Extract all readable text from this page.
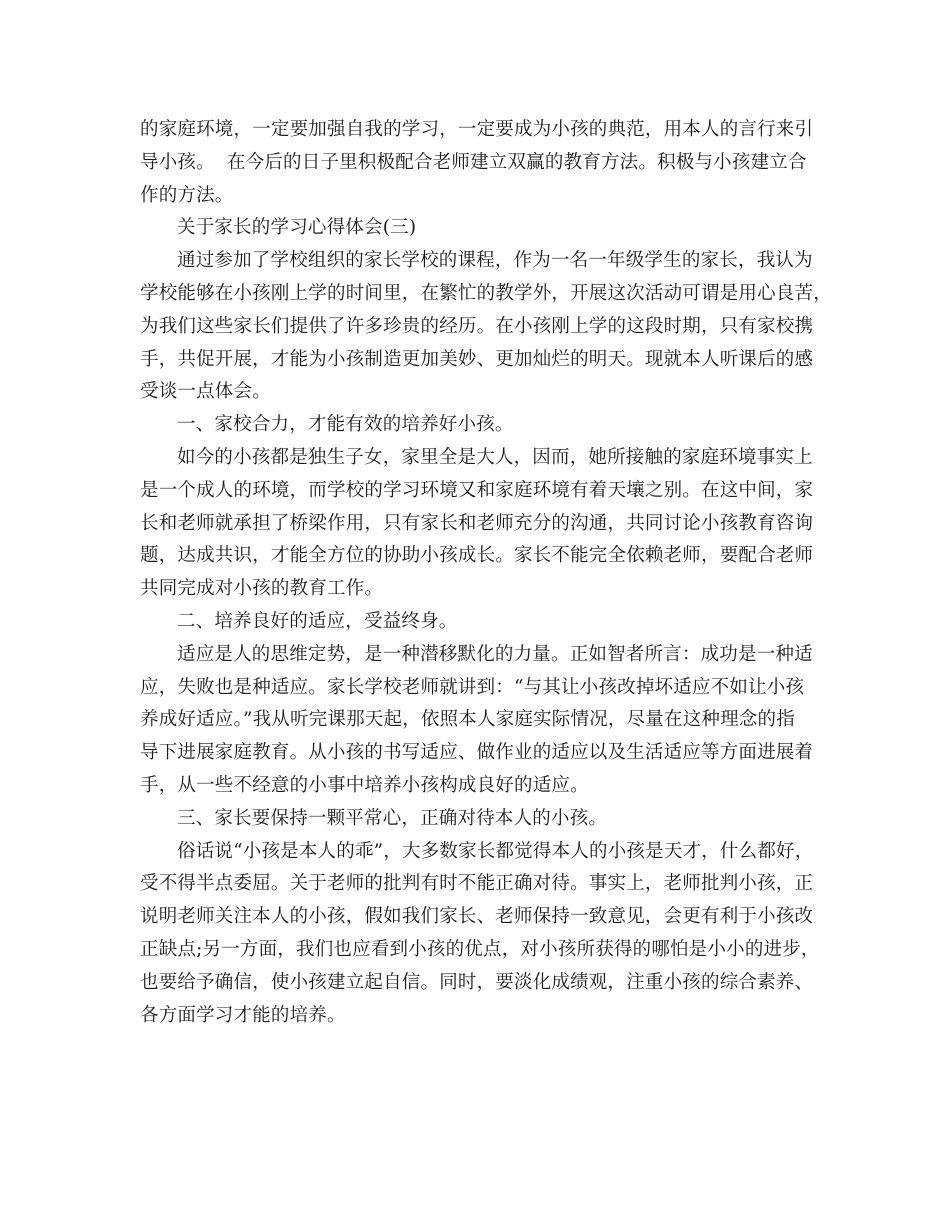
的家庭环境，一定要加强自我的学习，一定要成为小孩的典范，用本人的言行来引
导小孩。  在今后的日子里积极配合老师建立双赢的教育方法。积极与小孩建立合
作的方法。
关于家长的学习心得体会(三)
通过参加了学校组织的家长学校的课程，作为一名一年级学生的家长，我认为
学校能够在小孩刚上学的时间里，在繁忙的教学外，开展这次活动可谓是用心良苦，
为我们这些家长们提供了许多珍贵的经历。在小孩刚上学的这段时期，只有家校携
手，共促开展，才能为小孩制造更加美妙、更加灿烂的明天。现就本人听课后的感
受谈一点体会。
一、家校合力，才能有效的培养好小孩。
如今的小孩都是独生子女，家里全是大人，因而，她所接触的家庭环境事实上
是一个成人的环境，而学校的学习环境又和家庭环境有着天壤之别。在这中间，家
长和老师就承担了桥梁作用，只有家长和老师充分的沟通，共同讨论小孩教育咨询
题，达成共识，才能全方位的协助小孩成长。家长不能完全依赖老师，要配合老师
共同完成对小孩的教育工作。
二、培养良好的适应，受益终身。
适应是人的思维定势，是一种潜移默化的力量。正如智者所言：成功是一种适
应，失败也是种适应。家长学校老师就讲到：“与其让小孩改掉坏适应不如让小孩
养成好适应。”我从听完课那天起，依照本人家庭实际情况，尽量在这种理念的指
导下进展家庭教育。从小孩的书写适应、做作业的适应以及生活适应等方面进展着
手，从一些不经意的小事中培养小孩构成良好的适应。
三、家长要保持一颗平常心，正确对待本人的小孩。
俗话说“小孩是本人的乖”，大多数家长都觉得本人的小孩是天才，什么都好，
受不得半点委屈。关于老师的批判有时不能正确对待。事实上，老师批判小孩，正
说明老师关注本人的小孩，假如我们家长、老师保持一致意见，会更有利于小孩改
正缺点;另一方面，我们也应看到小孩的优点，对小孩所获得的哪怕是小小的进步，
也要给予确信，使小孩建立起自信。同时，要淡化成绩观，注重小孩的综合素养、
各方面学习才能的培养。
